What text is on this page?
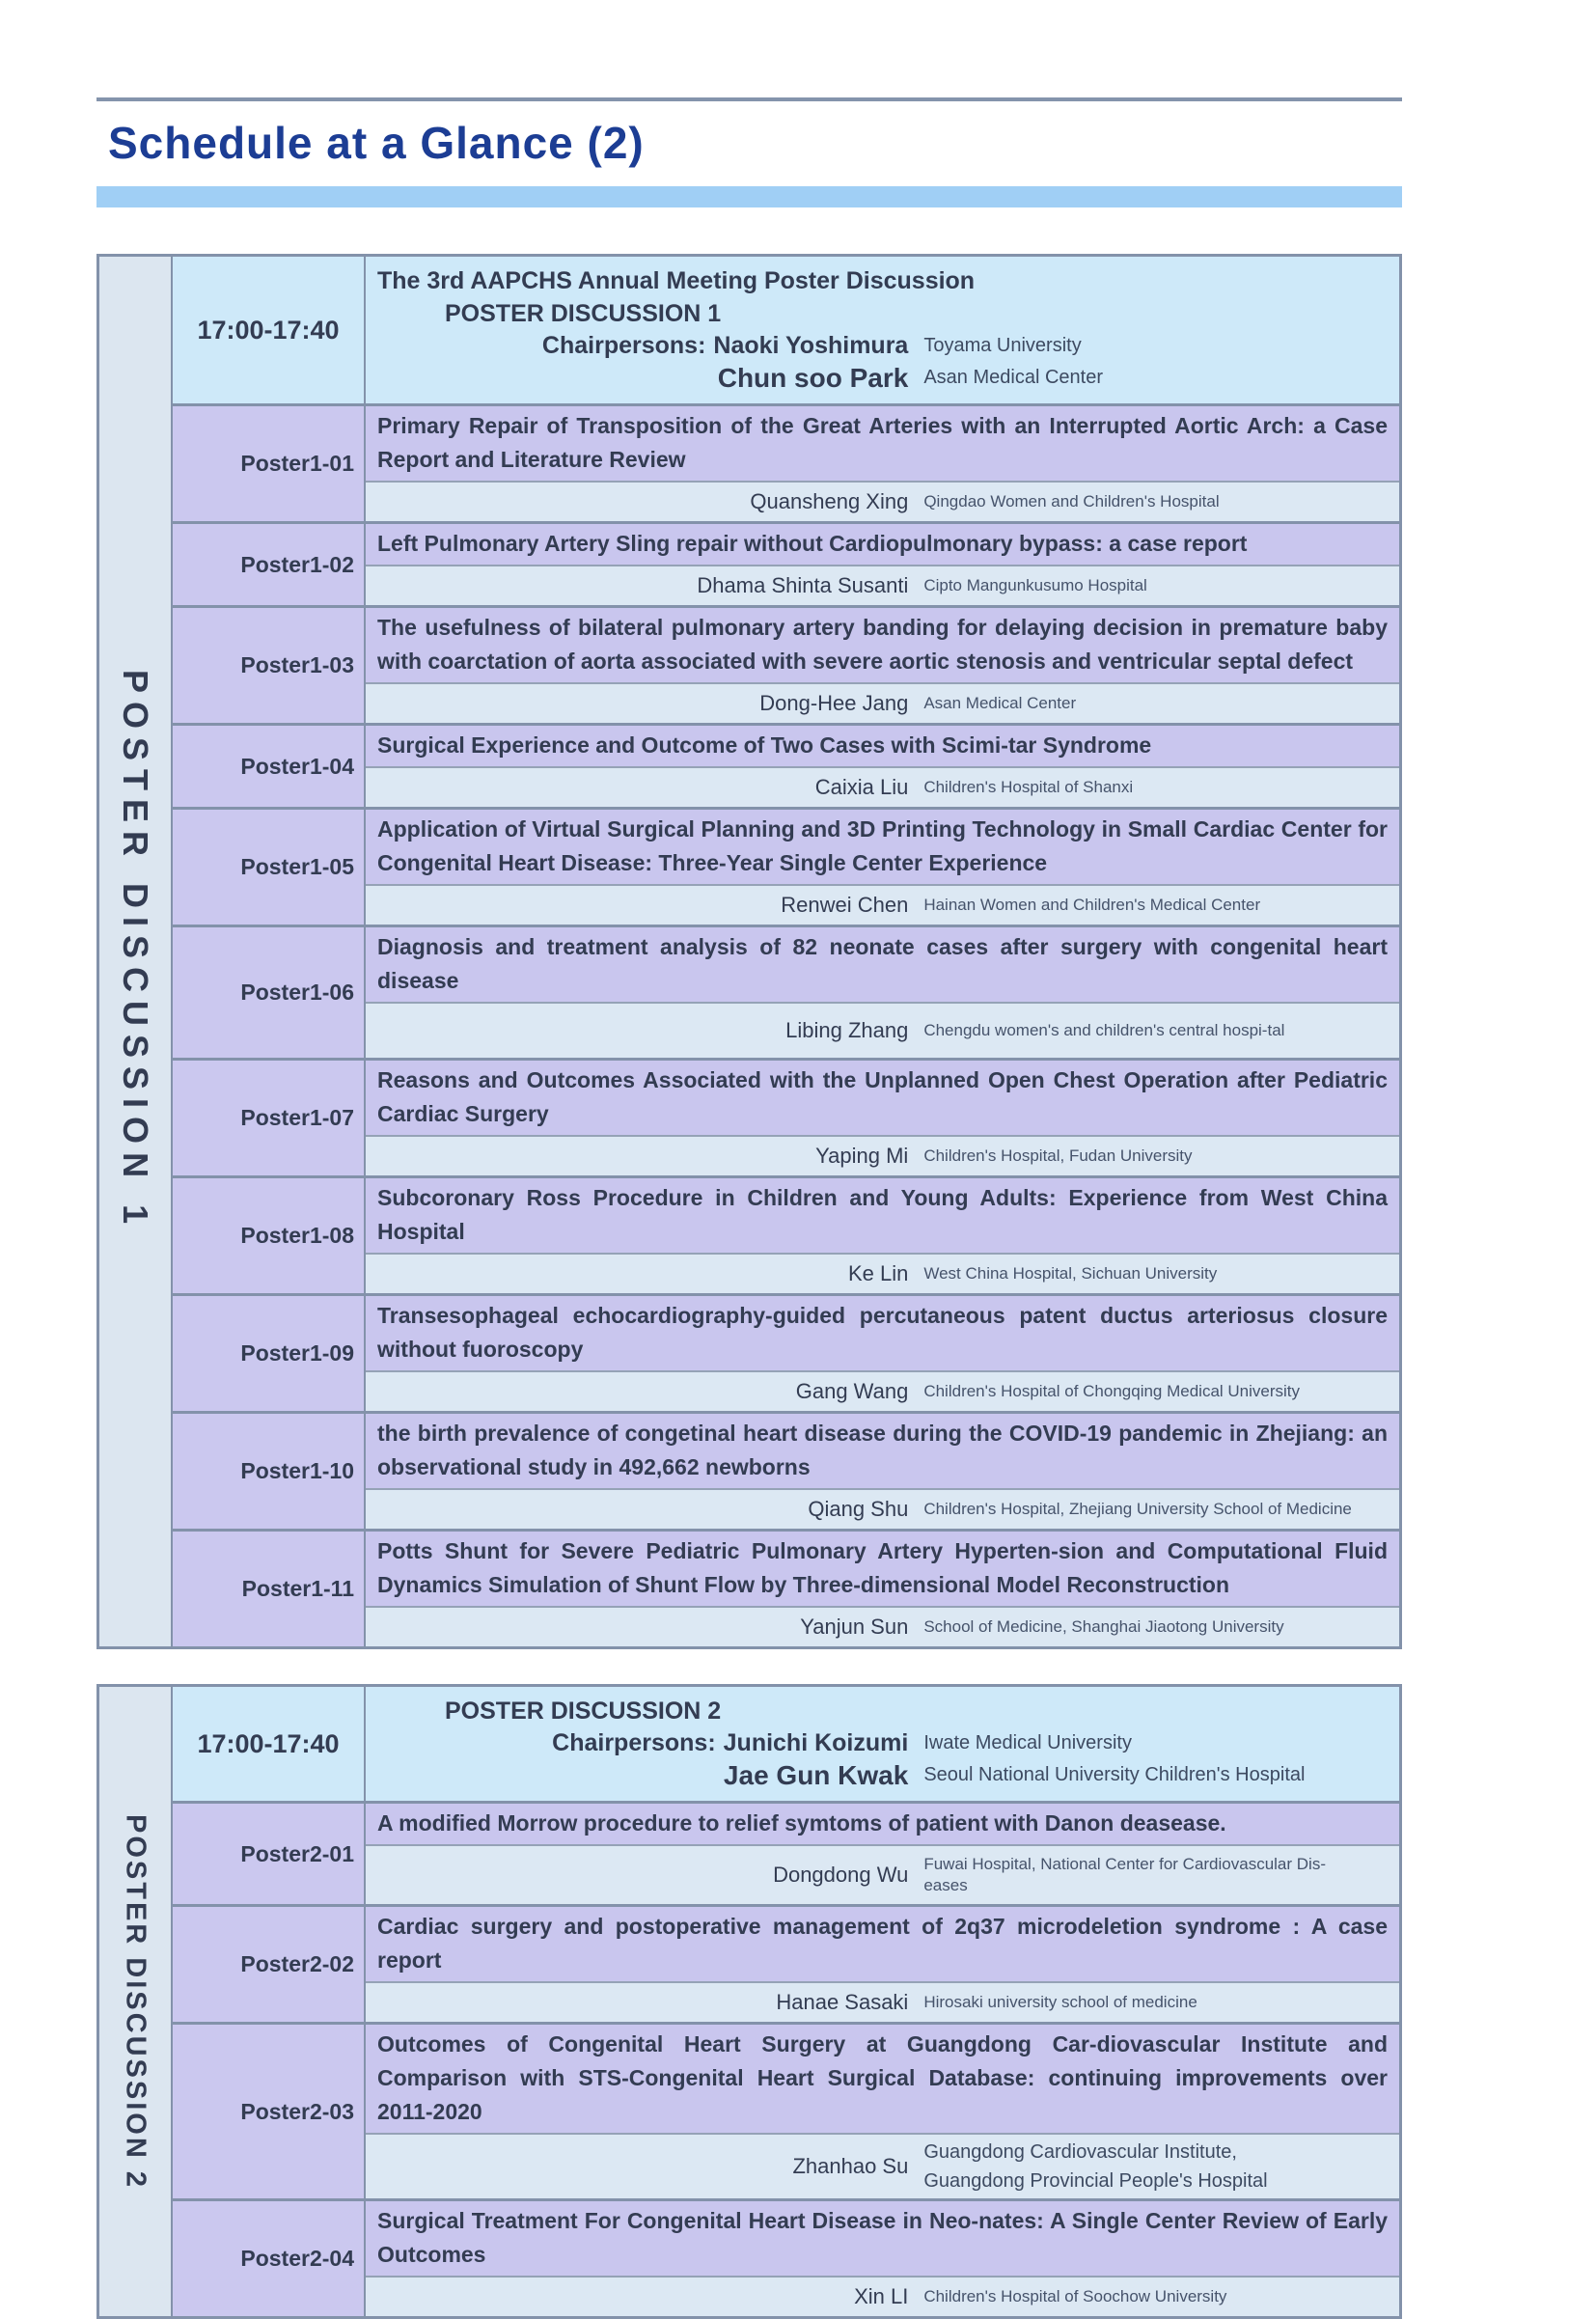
Schedule at a Glance (2)
POSTER DISCUSSION 1
17:00-17:40
The 3rd AAPCHS Annual Meeting Poster Discussion
POSTER DISCUSSION 1
Chairpersons: Naoki Yoshimura Toyama University
Chun soo Park Asan Medical Center
Poster1-01
Primary Repair of Transposition of the Great Arteries with an Interrupted Aortic Arch: a Case Report and Literature Review
Quansheng Xing Qingdao Women and Children's Hospital
Poster1-02
Left Pulmonary Artery Sling repair without Cardiopulmonary bypass: a case report
Dhama Shinta Susanti Cipto Mangunkusumo Hospital
Poster1-03
The usefulness of bilateral pulmonary artery banding for delaying decision in premature baby with coarctation of aorta associated with severe aortic stenosis and ventricular septal defect
Dong-Hee Jang Asan Medical Center
Poster1-04
Surgical Experience and Outcome of Two Cases with Scimi-tar Syndrome
Caixia Liu Children's Hospital of Shanxi
Poster1-05
Application of Virtual Surgical Planning and 3D Printing Technology in Small Cardiac Center for Congenital Heart Disease: Three-Year Single Center Experience
Renwei Chen Hainan Women and Children's Medical Center
Poster1-06
Diagnosis and treatment analysis of 82 neonate cases after surgery with congenital heart disease
Libing Zhang Chengdu women's and children's central hospi-tal
Poster1-07
Reasons and Outcomes Associated with the Unplanned Open Chest Operation after Pediatric Cardiac Surgery
Yaping Mi Children's Hospital, Fudan University
Poster1-08
Subcoronary Ross Procedure in Children and Young Adults: Experience from West China Hospital
Ke Lin West China Hospital, Sichuan University
Poster1-09
Transesophageal echocardiography-guided percutaneous patent ductus arteriosus closure without fuoroscopy
Gang Wang Children's Hospital of Chongqing Medical University
Poster1-10
the birth prevalence of congetinal heart disease during the COVID-19 pandemic in Zhejiang: an observational study in 492,662 newborns
Qiang Shu Children's Hospital, Zhejiang University School of Medicine
Poster1-11
Potts Shunt for Severe Pediatric Pulmonary Artery Hyperten-sion and Computational Fluid Dynamics Simulation of Shunt Flow by Three-dimensional Model Reconstruction
Yanjun Sun School of Medicine, Shanghai Jiaotong University
POSTER DISCUSSION 2
17:00-17:40
POSTER DISCUSSION 2
Chairpersons: Junichi Koizumi Iwate Medical University
Jae Gun Kwak Seoul National University Children's Hospital
Poster2-01
A modified Morrow procedure to relief symtoms of patient with Danon deasease.
Dongdong Wu Fuwai Hospital, National Center for Cardiovascular Dis-eases
Poster2-02
Cardiac surgery and postoperative management of 2q37 microdeletion syndrome : A case report
Hanae Sasaki Hirosaki university school of medicine
Poster2-03
Outcomes of Congenital Heart Surgery at Guangdong Car-diovascular Institute and Comparison with STS-Congenital Heart Surgical Database: continuing improvements over 2011-2020
Zhanhao Su
Guangdong Cardiovascular Institute, Guangdong Provincial People's Hospital
Poster2-04
Surgical Treatment For Congenital Heart Disease in Neo-nates: A Single Center Review of Early Outcomes
Xin LI Children's Hospital of Soochow University
